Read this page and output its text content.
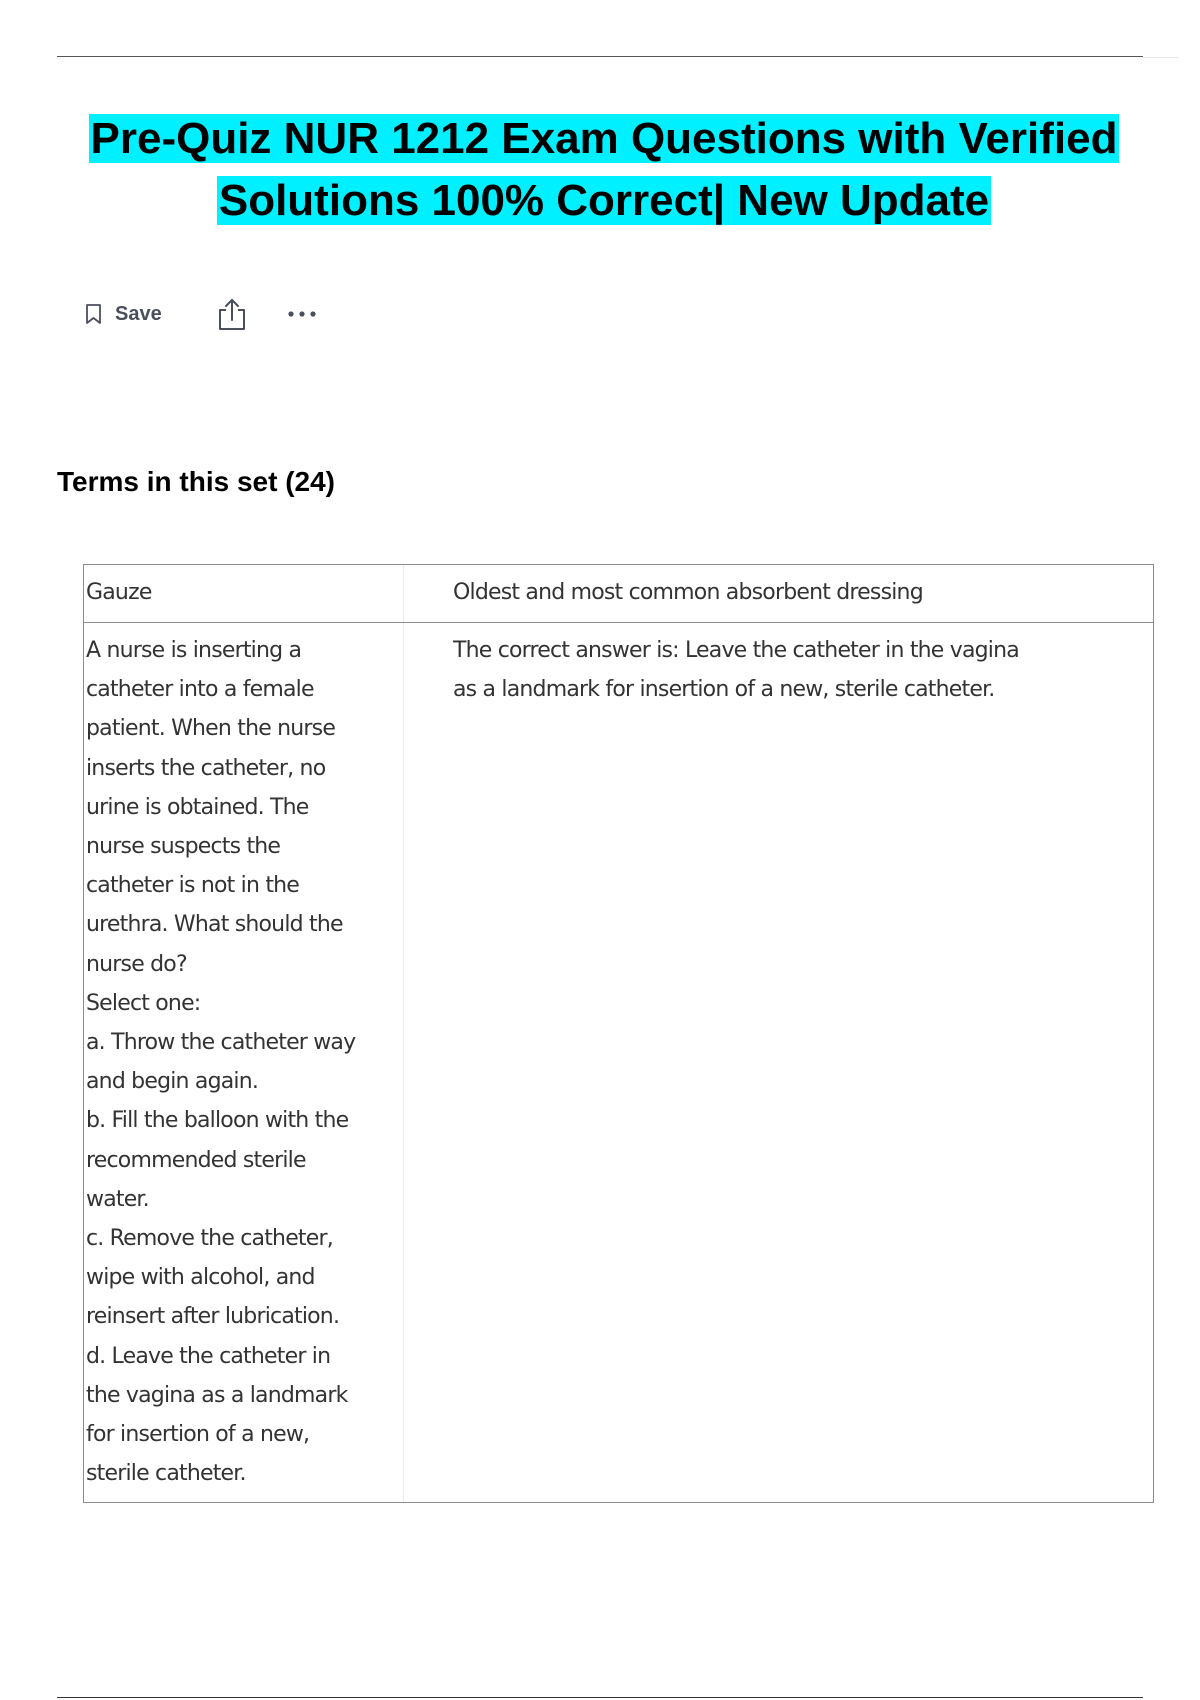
Pre-Quiz NUR 1212 Exam Questions with Verified Solutions 100% Correct| New Update
Save
Terms in this set (24)
Gauze	Oldest and most common absorbent dressing
A nurse is inserting a
catheter into a female
patient. When the nurse
inserts the catheter, no
urine is obtained. The
nurse suspects the
catheter is not in the
urethra. What should the
nurse do?
Select one:
a. Throw the catheter way
and begin again.
b. Fill the balloon with the
recommended sterile
water.
c. Remove the catheter,
wipe with alcohol, and
reinsert after lubrication.
d. Leave the catheter in
the vagina as a landmark
for insertion of a new,
sterile catheter.
The correct answer is: Leave the catheter in the vagina
as a landmark for insertion of a new, sterile catheter.
